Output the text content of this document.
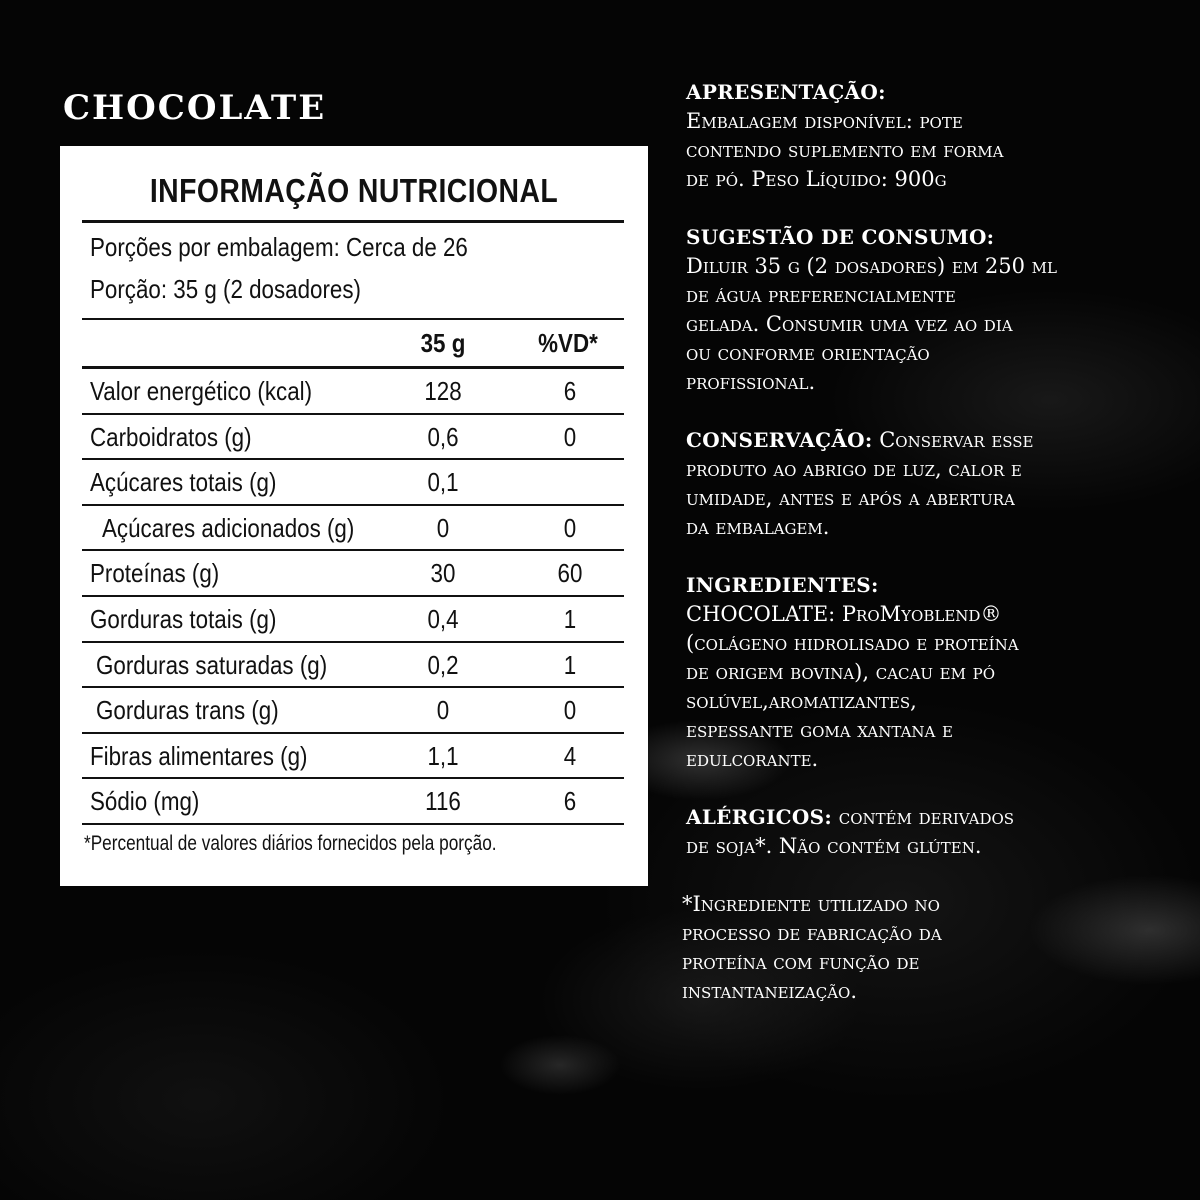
CHOCOLATE
INFORMAÇÃO NUTRICIONAL
Porções por embalagem: Cerca de 26
Porção: 35 g (2 dosadores)
35 g	%VD*
Valor energético (kcal)	128	6
Carboidratos (g)	0,6	0
Açúcares totais (g)	0,1
Açúcares adicionados (g)	0	0
Proteínas (g)	30	60
Gorduras totais (g)	0,4	1
Gorduras saturadas (g)	0,2	1
Gorduras trans (g)	0	0
Fibras alimentares (g)	1,1	4
Sódio (mg)	116	6
*Percentual de valores diários fornecidos pela porção.
APRESENTAÇÃO:
Embalagem disponível: pote
contendo suplemento em forma
de pó. Peso Líquido: 900g
SUGESTÃO DE CONSUMO:
Diluir 35 g (2 dosadores) em 250 ml
de água preferencialmente
gelada. Consumir uma vez ao dia
ou conforme orientação
profissional.
CONSERVAÇÃO: Conservar esse
produto ao abrigo de luz, calor e
umidade, antes e após a abertura
da embalagem.
INGREDIENTES:
CHOCOLATE: ProMyoblend®
(colágeno hidrolisado e proteína
de origem bovina), cacau em pó
solúvel,aromatizantes,
espessante goma xantana e
edulcorante.
ALÉRGICOS: contém derivados
de soja*. Não contém glúten.
*Ingrediente utilizado no
processo de fabricação da
proteína com função de
instantaneização.
